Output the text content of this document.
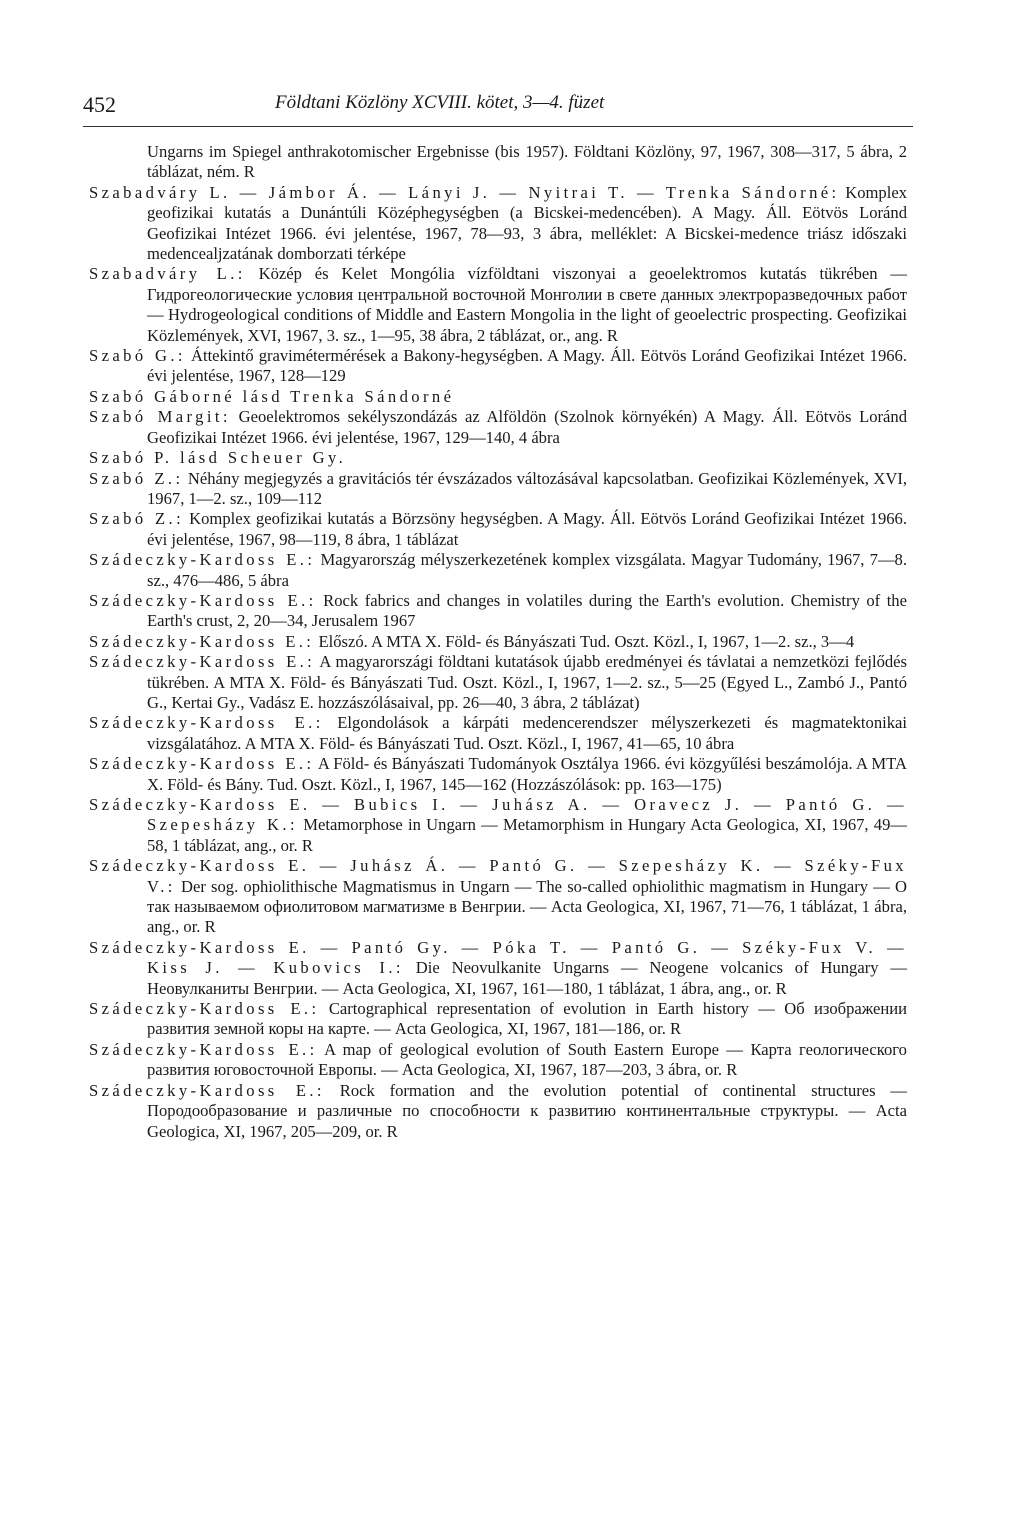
452	Földtani Közlöny XCVIII. kötet, 3—4. füzet

Ungarns im Spiegel anthrakotomischer Ergebnisse (bis 1957). Földtani Közlöny, 97, 1967, 308—317, 5 ábra, 2 táblázat, ném. R

Szabadváry L. — Jámbor Á. — Lányi J. — Nyitrai T. — Trenka Sándorné: Komplex geofizikai kutatás a Dunántúli Középhegységben (a Bicskei-medencében). A Magy. Áll. Eötvös Loránd Geofizikai Intézet 1966. évi jelentése, 1967, 78—93, 3 ábra, melléklet: A Bicskei-medence triász időszaki medencealjzatának domborzati térképe

Szabadváry L.: Közép és Kelet Mongólia vízföldtani viszonyai a geoelektromos kutatás tükrében — Гидрогеологические условия центральной восточной Монголии в свете данных электроразведочных работ — Hydrogeological conditions of Middle and Eastern Mongolia in the light of geoelectric prospecting. Geofizikai Közlemények, XVI, 1967, 3. sz., 1—95, 38 ábra, 2 táblázat, or., ang. R

Szabó G.: Áttekintő gravimétermérések a Bakony-hegységben. A Magy. Áll. Eötvös Loránd Geofizikai Intézet 1966. évi jelentése, 1967, 128—129

Szabó Gáborné lásd Trenka Sándorné

Szabó Margit: Geoelektromos sekélyszondázás az Alföldön (Szolnok környékén) A Magy. Áll. Eötvös Loránd Geofizikai Intézet 1966. évi jelentése, 1967, 129—140, 4 ábra

Szabó P. lásd Scheuer Gy.

Szabó Z.: Néhány megjegyzés a gravitációs tér évszázados változásával kapcsolatban. Geofizikai Közlemények, XVI, 1967, 1—2. sz., 109—112

Szabó Z.: Komplex geofizikai kutatás a Börzsöny hegységben. A Magy. Áll. Eötvös Loránd Geofizikai Intézet 1966. évi jelentése, 1967, 98—119, 8 ábra, 1 táblázat

Szádeczky-Kardoss E.: Magyarország mélyszerkezetének komplex vizsgálata. Magyar Tudomány, 1967, 7—8. sz., 476—486, 5 ábra

Szádeczky-Kardoss E.: Rock fabrics and changes in volatiles during the Earth's evolution. Chemistry of the Earth's crust, 2, 20—34, Jerusalem 1967

Szádeczky-Kardoss E.: Előszó. A MTA X. Föld- és Bányászati Tud. Oszt. Közl., I, 1967, 1—2. sz., 3—4

Szádeczky-Kardoss E.: A magyarországi földtani kutatások újabb eredményei és távlatai a nemzetközi fejlődés tükrében. A MTA X. Föld- és Bányászati Tud. Oszt. Közl., I, 1967, 1—2. sz., 5—25 (Egyed L., Zambó J., Pantó G., Kertai Gy., Vadász E. hozzászólásaival, pp. 26—40, 3 ábra, 2 táblázat)

Szádeczky-Kardoss E.: Elgondolások a kárpáti medencerendszer mélyszerkezeti és magmatektonikai vizsgálatához. A MTA X. Föld- és Bányászati Tud. Oszt. Közl., I, 1967, 41—65, 10 ábra

Szádeczky-Kardoss E.: A Föld- és Bányászati Tudományok Osztálya 1966. évi közgyűlési beszámolója. A MTA X. Föld- és Bány. Tud. Oszt. Közl., I, 1967, 145—162 (Hozzászólások: pp. 163—175)

Szádeczky-Kardoss E. — Bubics I. — Juhász A. — Oravecz J. — Pantó G. — Szepesházy K.: Metamorphose in Ungarn — Metamorphism in Hungary Acta Geologica, XI, 1967, 49—58, 1 táblázat, ang., or. R

Szádeczky-Kardoss E. — Juhász Á. — Pantó G. — Szepesházy K. — Széky-Fux V.: Der sog. ophiolithische Magmatismus in Ungarn — The so-called ophiolithic magmatism in Hungary — О так называемом офиолитовом магматизме в Венгрии. — Acta Geologica, XI, 1967, 71—76, 1 táblázat, 1 ábra, ang., or. R

Szádeczky-Kardoss E. — Pantó Gy. — Póka T. — Pantó G. — Széky-Fux V. — Kiss J. — Kubovics I.: Die Neovulkanite Ungarns — Neogene volcanics of Hungary — Неовулканиты Венгрии. — Acta Geologica, XI, 1967, 161—180, 1 táblázat, 1 ábra, ang., or. R

Szádeczky-Kardoss E.: Cartographical representation of evolution in Earth history — Об изображении развития земной коры на карте. — Acta Geologica, XI, 1967, 181—186, or. R

Szádeczky-Kardoss E.: A map of geological evolution of South Eastern Europe — Карта геологического развития юговосточной Европы. — Acta Geologica, XI, 1967, 187—203, 3 ábra, or. R

Szádeczky-Kardoss E.: Rock formation and the evolution potential of continental structures — Породообразование и различные по способности к развитию континентальные структуры. — Acta Geologica, XI, 1967, 205—209, or. R
